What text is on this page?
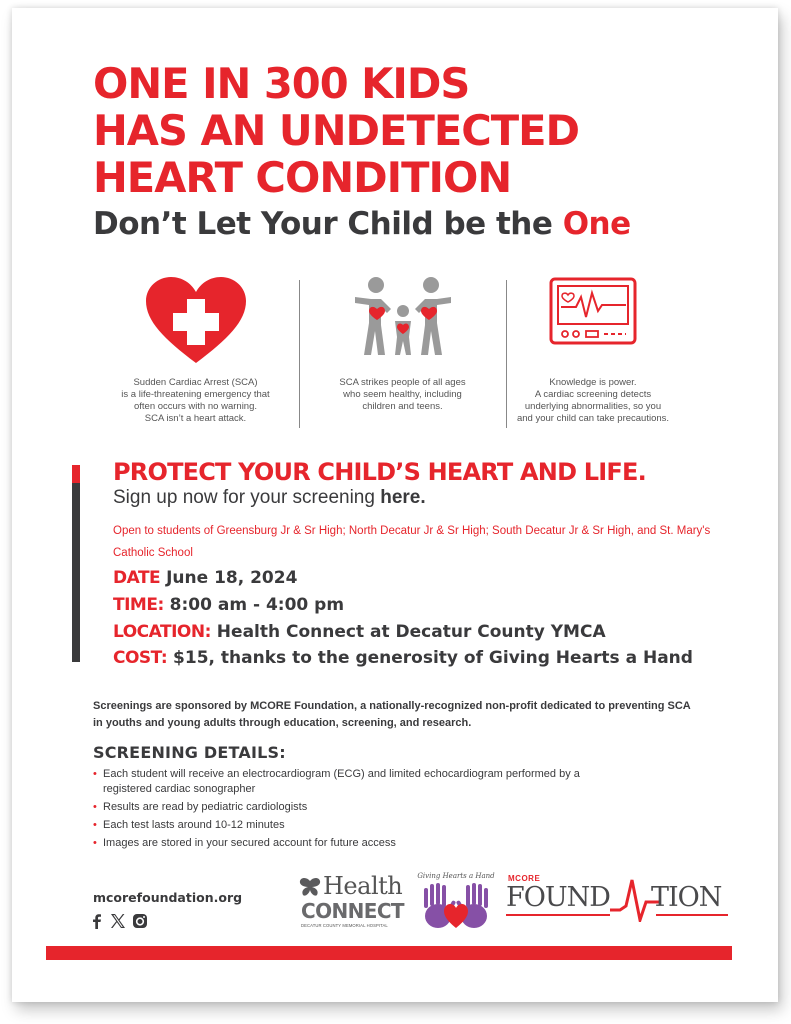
ONE IN 300 KIDS
HAS AN UNDETECTED
HEART CONDITION
Don’t Let Your Child be the One
Sudden Cardiac Arrest (SCA)
is a life-threatening emergency that
often occurs with no warning.
SCA isn’t a heart attack.
SCA strikes people of all ages
who seem healthy, including
children and teens.
Knowledge is power.
A cardiac screening detects
underlying abnormalities, so you
and your child can take precautions.
PROTECT YOUR CHILD’S HEART AND LIFE.
Sign up now for your screening here.
Open to students of Greensburg Jr & Sr High; North Decatur Jr & Sr High; South Decatur Jr & Sr High, and St. Mary's Catholic School
DATE June 18, 2024
TIME: 8:00 am - 4:00 pm
LOCATION: Health Connect at Decatur County YMCA
COST: $15, thanks to the generosity of Giving Hearts a Hand
Screenings are sponsored by MCORE Foundation, a nationally-recognized non-profit dedicated to preventing SCA in youths and young adults through education, screening, and research.
SCREENING DETAILS:
• Each student will receive an electrocardiogram (ECG) and limited echocardiogram performed by a registered cardiac sonographer
• Results are read by pediatric cardiologists
• Each test lasts around 10-12 minutes
• Images are stored in your secured account for future access
mcorefoundation.org	Health
CONNECT
DECATUR COUNTY MEMORIAL HOSPITAL
Giving Hearts a Hand	MCORE
FOUND TION
